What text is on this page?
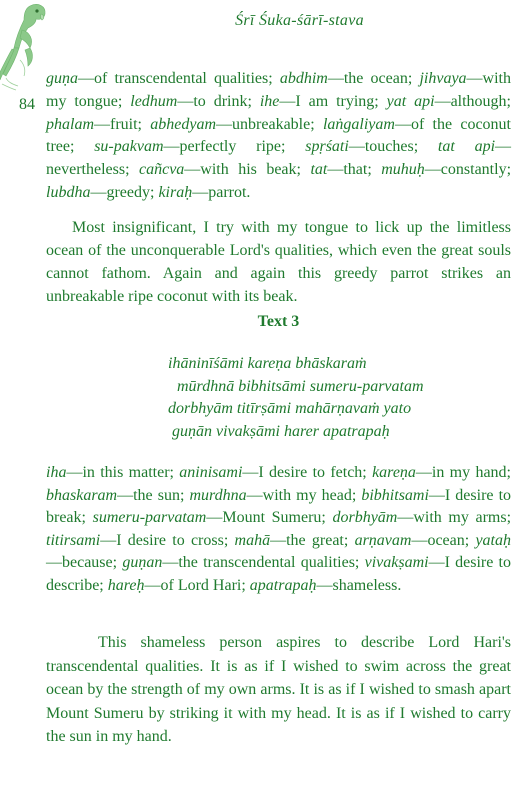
Śrī Śuka-śārī-stava
84
guṇa—of transcendental qualities; abdhim—the ocean; jihvaya—with my tongue; ledhum—to drink; ihe—I am trying; yat api—although; phalam—fruit; abhedyam—unbreakable; laṅgaliyam—of the coconut tree; su-pakvam—perfectly ripe; spṛśati—touches; tat api—nevertheless; cañcva—with his beak; tat—that; muhuḥ—constantly; lubdha—greedy; kiraḥ—parrot.
Most insignificant, I try with my tongue to lick up the limitless ocean of the unconquerable Lord's qualities, which even the great souls cannot fathom. Again and again this greedy parrot strikes an unbreakable ripe coconut with its beak.
Text 3
ihāninīśāmi kareṇa bhāskaraṁ
mūrdhnā bibhitsāmi sumeru-parvatam
dorbhyām titīrṣāmi mahārṇavaṁ yato
guṇān vivakṣāmi harer apatrapaḥ
iha—in this matter; aninisami—I desire to fetch; kareṇa—in my hand; bhaskaram—the sun; murdhna—with my head; bibhitsami—I desire to break; sumeru-parvatam—Mount Sumeru; dorbhyām—with my arms; titirsami—I desire to cross; mahā—the great; arṇavam—ocean; yataḥ—because; guṇan—the transcendental qualities; vivakṣami—I desire to describe; hareḥ—of Lord Hari; apatrapaḥ—shameless.
This shameless person aspires to describe Lord Hari's transcendental qualities. It is as if I wished to swim across the great ocean by the strength of my own arms. It is as if I wished to smash apart Mount Sumeru by striking it with my head. It is as if I wished to carry the sun in my hand.
